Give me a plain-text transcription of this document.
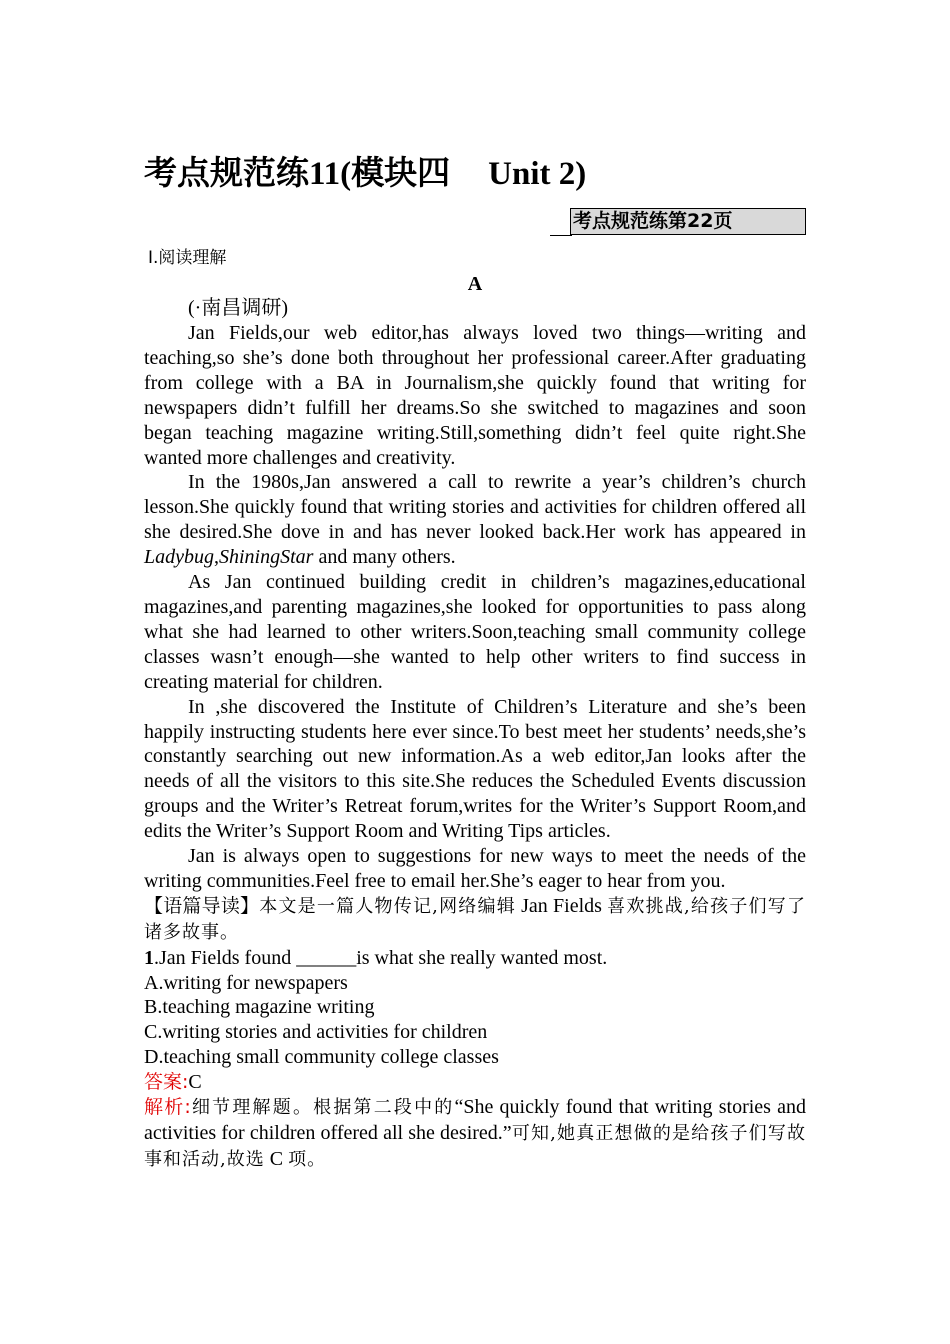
考点规范练11(模块四 Unit 2)
考点规范练第22页
Ⅰ.阅读理解
A

(·南昌调研)

Jan Fields,our web editor,has always loved two things—writing and teaching,so she’s done both throughout her professional career.After graduating from college with a BA in Journalism,she quickly found that writing for newspapers didn’t fulfill her dreams.So she switched to magazines and soon began teaching magazine writing.Still,something didn’t feel quite right.She wanted more challenges and creativity.

In the 1980s,Jan answered a call to rewrite a year’s children’s church lesson.She quickly found that writing stories and activities for children offered all she desired.She dove in and has never looked back.Her work has appeared in Ladybug,ShiningStar and many others.

As Jan continued building credit in children’s magazines,educational magazines,and parenting magazines,she looked for opportunities to pass along what she had learned to other writers.Soon,teaching small community college classes wasn’t enough—she wanted to help other writers to find success in creating material for children.

In ,she discovered the Institute of Children’s Literature and she’s been happily instructing students here ever since.To best meet her students’ needs,she’s constantly searching out new information.As a web editor,Jan looks after the needs of all the visitors to this site.She reduces the Scheduled Events discussion groups and the Writer’s Retreat forum,writes for the Writer’s Support Room,and edits the Writer’s Support Room and Writing Tips articles.

Jan is always open to suggestions for new ways to meet the needs of the writing communities.Feel free to email her.She’s eager to hear from you.

【语篇导读】本文是一篇人物传记,网络编辑 Jan Fields 喜欢挑战,给孩子们写了诸多故事。

1.Jan Fields found ______is what she really wanted most.

A.writing for newspapers

B.teaching magazine writing

C.writing stories and activities for children

D.teaching small community college classes

答案:C

解析:细节理解题。根据第二段中的“She quickly found that writing stories and activities for children offered all she desired.”可知,她真正想做的是给孩子们写故事和活动,故选 C 项。
